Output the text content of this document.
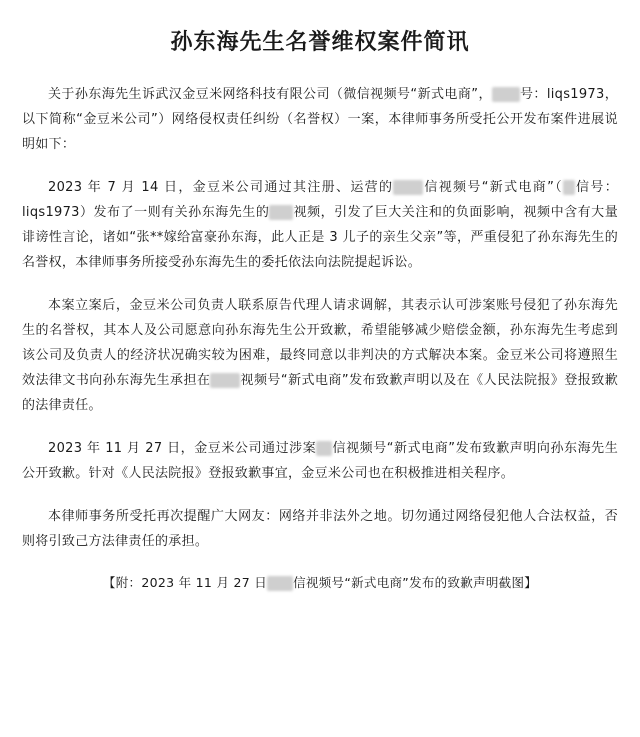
孙东海先生名誉维权案件简讯

关于孙东海先生诉武汉金豆米网络科技有限公司（微信视频号“新式电商”， 号：liqs1973，以下简称“金豆米公司”）网络侵权责任纠纷（名誉权）一案，本律师事务所受托公开发布案件进展说明如下：

2023 年 7 月 14 日，金豆米公司通过其注册、运营的 信视频号“新式电商”（ 信号：liqs1973）发布了一则有关孙东海先生的 视频，引发了巨大关注和的负面影响，视频中含有大量诽谤性言论，诸如“张**嫁给富豪孙东海，此人正是 3 儿子的亲生父亲”等，严重侵犯了孙东海先生的名誉权，本律师事务所接受孙东海先生的委托依法向法院提起诉讼。

本案立案后，金豆米公司负责人联系原告代理人请求调解，其表示认可涉案账号侵犯了孙东海先生的名誉权，其本人及公司愿意向孙东海先生公开致歉，希望能够减少赔偿金额，孙东海先生考虑到该公司及负责人的经济状况确实较为困难，最终同意以非判决的方式解决本案。金豆米公司将遵照生效法律文书向孙东海先生承担在 视频号“新式电商”发布致歉声明以及在《人民法院报》登报致歉的法律责任。

2023 年 11 月 27 日，金豆米公司通过涉案 信视频号“新式电商”发布致歉声明向孙东海先生公开致歉。针对《人民法院报》登报致歉事宜，金豆米公司也在积极推进相关程序。

本律师事务所受托再次提醒广大网友：网络并非法外之地。切勿通过网络侵犯他人合法权益，否则将引致己方法律责任的承担。

【附：2023 年 11 月 27 日 信视频号“新式电商”发布的致歉声明截图】
